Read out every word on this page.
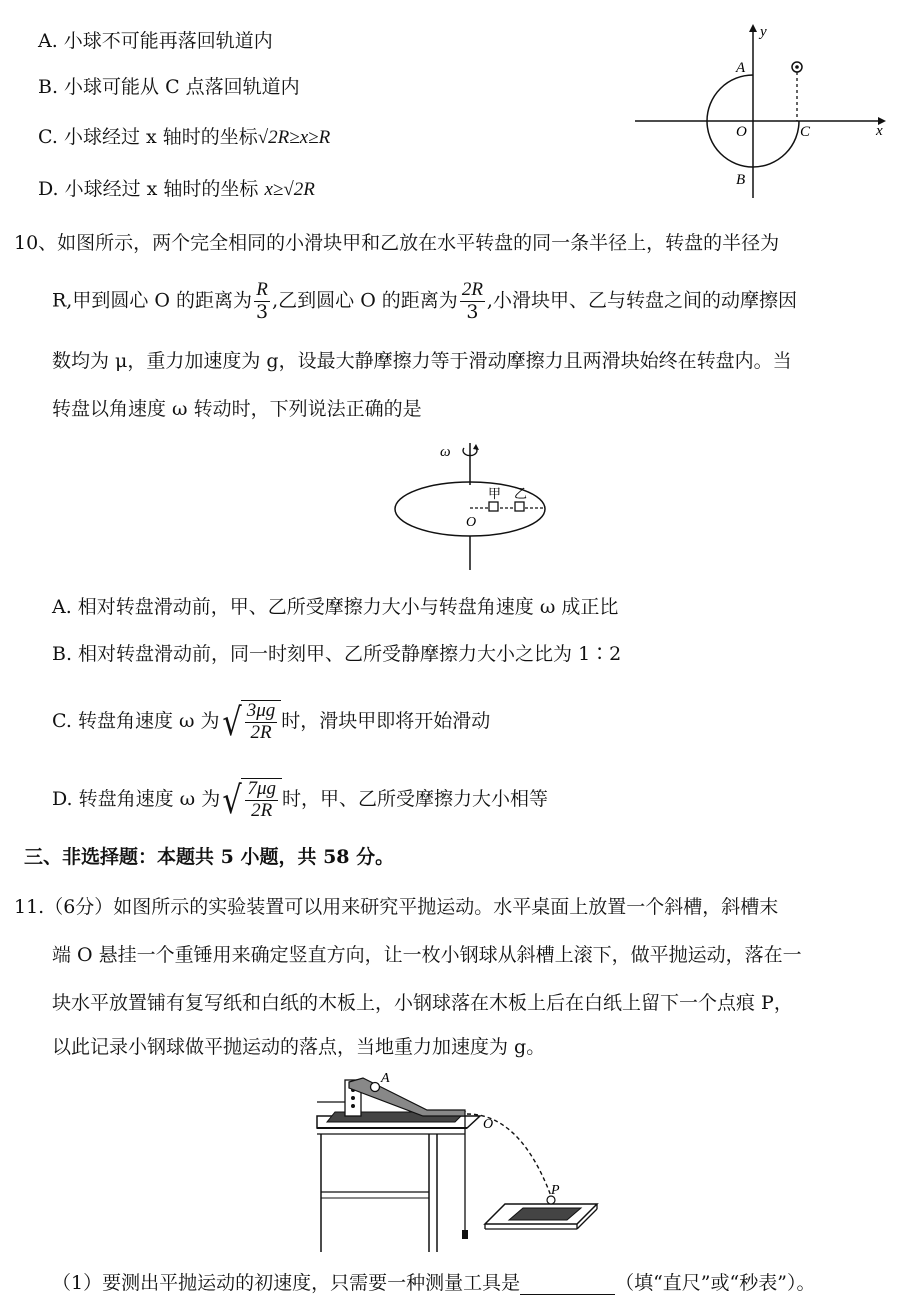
A. 小球不可能再落回轨道内
B. 小球可能从 C 点落回轨道内
C. 小球经过 x 轴时的坐标√2R≥x≥R
D. 小球经过 x 轴时的坐标 x≥√2R
y
x
A
O	C
B
10、如图所示，两个完全相同的小滑块甲和乙放在水平转盘的同一条半径上，转盘的半径为
R,甲到圆心 O 的距离为 $\frac{R}{3}$ ,乙到圆心 O 的距离为 $\frac{2R}{3}$ ,小滑块甲、乙与转盘之间的动摩擦因
数均为 μ，重力加速度为 g，设最大静摩擦力等于滑动摩擦力且两滑块始终在转盘内。当
转盘以角速度 ω 转动时，下列说法正确的是
ω
甲 乙
O
A. 相对转盘滑动前，甲、乙所受摩擦力大小与转盘角速度 ω 成正比
B. 相对转盘滑动前，同一时刻甲、乙所受静摩擦力大小之比为 1∶2
C. 转盘角速度 ω 为 √ $\frac{3\mu g}{2R}$ 时，滑块甲即将开始滑动
D. 转盘角速度 ω 为 √ $\frac{7\mu g}{2R}$ 时，甲、乙所受摩擦力大小相等
三、非选择题：本题共 5 小题，共 58 分。
11.（6分）如图所示的实验装置可以用来研究平抛运动。水平桌面上放置一个斜槽，斜槽末
端 O 悬挂一个重锤用来确定竖直方向，让一枚小钢球从斜槽上滚下，做平抛运动，落在一
块水平放置铺有复写纸和白纸的木板上，小钢球落在木板上后在白纸上留下一个点痕 P，
以此记录小钢球做平抛运动的落点，当地重力加速度为 g。
A
O
P
（1）要测出平抛运动的初速度，只需要一种测量工具是	（填“直尺”或“秒表”）。
